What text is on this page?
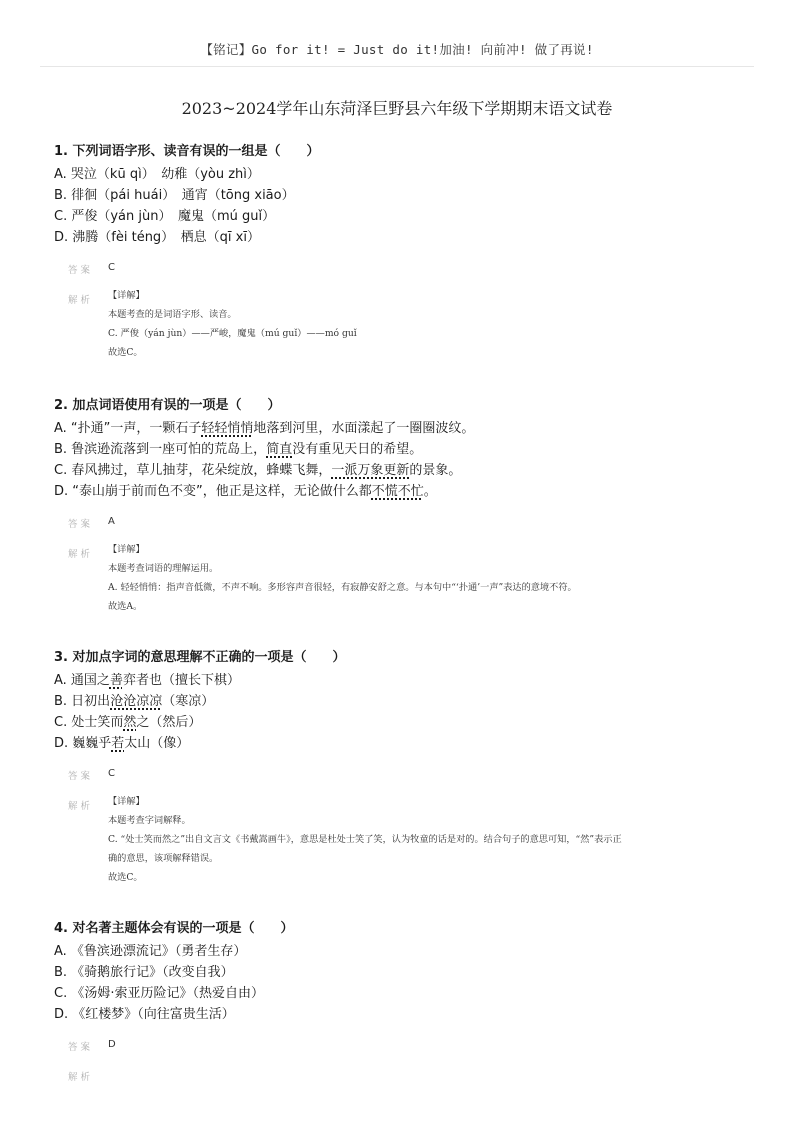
【铭记】Go for it! = Just do it!加油! 向前冲! 做了再说!
2023~2024学年山东菏泽巨野县六年级下学期期末语文试卷
1. 下列词语字形、读音有误的一组是（　　）
A. 哭泣（kū qì）　幼稚（yòu zhì）
B. 徘徊（pái huái）　通宵（tōng xiāo）
C. 严俊（yán jùn）　魔鬼（mú guǐ）
D. 沸腾（fèi téng）　栖息（qī xī）
答案 C
解析 【详解】

本题考查的是词语字形、读音。

C. 严俊（yán jùn）——严峻，魔鬼（mú guǐ）——mó guǐ

故选C。

2. 加点词语使用有误的一项是（　　）
A. “扑通”一声，一颗石子轻轻悄悄地落到河里，水面漾起了一圈圈波纹。
B. 鲁滨逊流落到一座可怕的荒岛上，简直没有重见天日的希望。
C. 春风拂过，草儿抽芽，花朵绽放，蜂蝶飞舞，一派万象更新的景象。
D. “泰山崩于前而色不变”，他正是这样，无论做什么都不慌不忙。
答案 A
解析 【详解】

本题考查词语的理解运用。

A. 轻轻悄悄：指声音低微，不声不响。多形容声音很轻，有寂静安舒之意。与本句中“‘扑通’一声”表达的意境不符。

故选A。

3. 对加点字词的意思理解不正确的一项是（　　）
A. 通国之善弈者也（擅长下棋）
B. 日初出沧沧凉凉（寒凉）
C. 处士笑而然之（然后）
D. 巍巍乎若太山（像）
答案 C
解析 【详解】

本题考查字词解释。

C. “处士笑而然之”出自文言文《书戴嵩画牛》，意思是杜处士笑了笑，认为牧童的话是对的。结合句子的意思可知，“然”表示正

确的意思，该项解释错误。

故选C。

4. 对名著主题体会有误的一项是（　　）
A. 《鲁滨逊漂流记》（勇者生存）
B. 《骑鹅旅行记》（改变自我）
C. 《汤姆·索亚历险记》（热爱自由）
D. 《红楼梦》（向往富贵生活）
答案 D
解析
